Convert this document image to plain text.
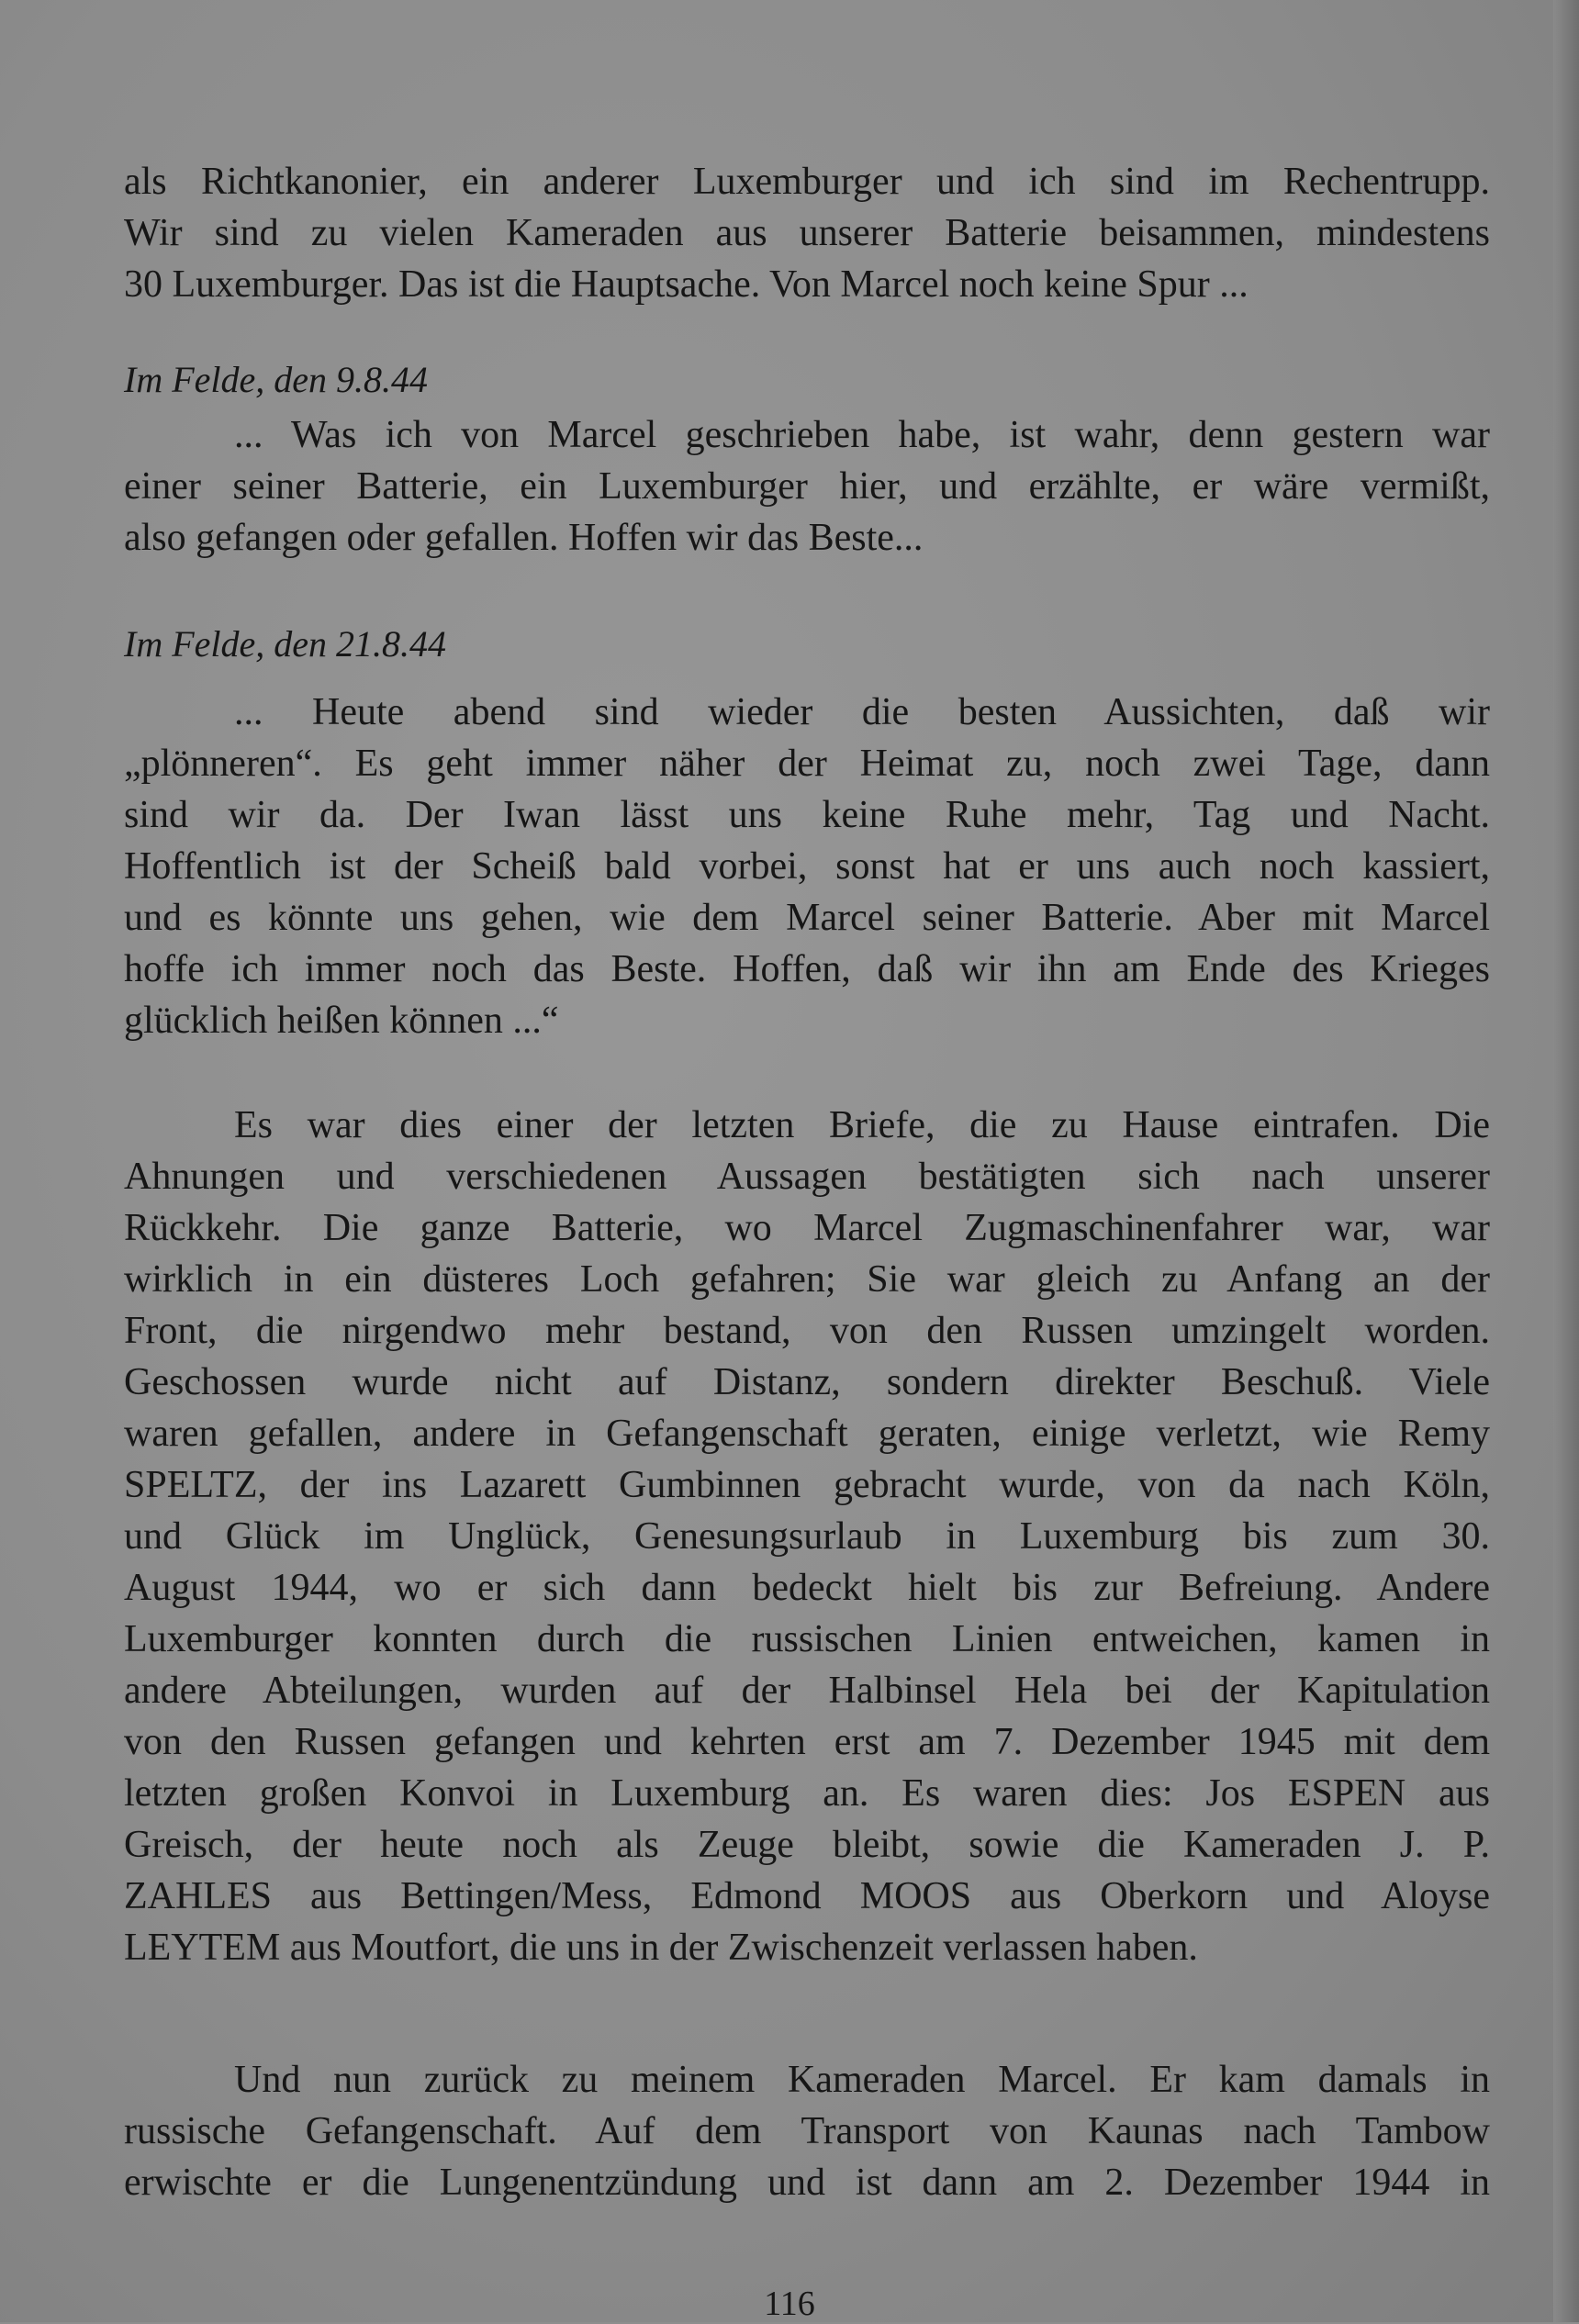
als Richtkanonier, ein anderer Luxemburger und ich sind im Rechentrupp.
Wir sind zu vielen Kameraden aus unserer Batterie beisammen, mindestens
30 Luxemburger. Das ist die Hauptsache. Von Marcel noch keine Spur ...
Im Felde, den 9.8.44
... Was ich von Marcel geschrieben habe, ist wahr, denn gestern war
einer seiner Batterie, ein Luxemburger hier, und erzählte, er wäre vermißt,
also gefangen oder gefallen. Hoffen wir das Beste...
Im Felde, den 21.8.44
... Heute abend sind wieder die besten Aussichten, daß wir
„plönneren“. Es geht immer näher der Heimat zu, noch zwei Tage, dann
sind wir da. Der Iwan lässt uns keine Ruhe mehr, Tag und Nacht.
Hoffentlich ist der Scheiß bald vorbei, sonst hat er uns auch noch kassiert,
und es könnte uns gehen, wie dem Marcel seiner Batterie. Aber mit Marcel
hoffe ich immer noch das Beste. Hoffen, daß wir ihn am Ende des Krieges
glücklich heißen können ...“
Es war dies einer der letzten Briefe, die zu Hause eintrafen. Die
Ahnungen und verschiedenen Aussagen bestätigten sich nach unserer
Rückkehr. Die ganze Batterie, wo Marcel Zugmaschinenfahrer war, war
wirklich in ein düsteres Loch gefahren; Sie war gleich zu Anfang an der
Front, die nirgendwo mehr bestand, von den Russen umzingelt worden.
Geschossen wurde nicht auf Distanz, sondern direkter Beschuß. Viele
waren gefallen, andere in Gefangenschaft geraten, einige verletzt, wie Remy
SPELTZ, der ins Lazarett Gumbinnen gebracht wurde, von da nach Köln,
und Glück im Unglück, Genesungsurlaub in Luxemburg bis zum 30.
August 1944, wo er sich dann bedeckt hielt bis zur Befreiung. Andere
Luxemburger konnten durch die russischen Linien entweichen, kamen in
andere Abteilungen, wurden auf der Halbinsel Hela bei der Kapitulation
von den Russen gefangen und kehrten erst am 7. Dezember 1945 mit dem
letzten großen Konvoi in Luxemburg an. Es waren dies: Jos ESPEN aus
Greisch, der heute noch als Zeuge bleibt, sowie die Kameraden J. P.
ZAHLES aus Bettingen/Mess, Edmond MOOS aus Oberkorn und Aloyse
LEYTEM aus Moutfort, die uns in der Zwischenzeit verlassen haben.
Und nun zurück zu meinem Kameraden Marcel. Er kam damals in
russische Gefangenschaft. Auf dem Transport von Kaunas nach Tambow
erwischte er die Lungenentzündung und ist dann am 2. Dezember 1944 in
116
